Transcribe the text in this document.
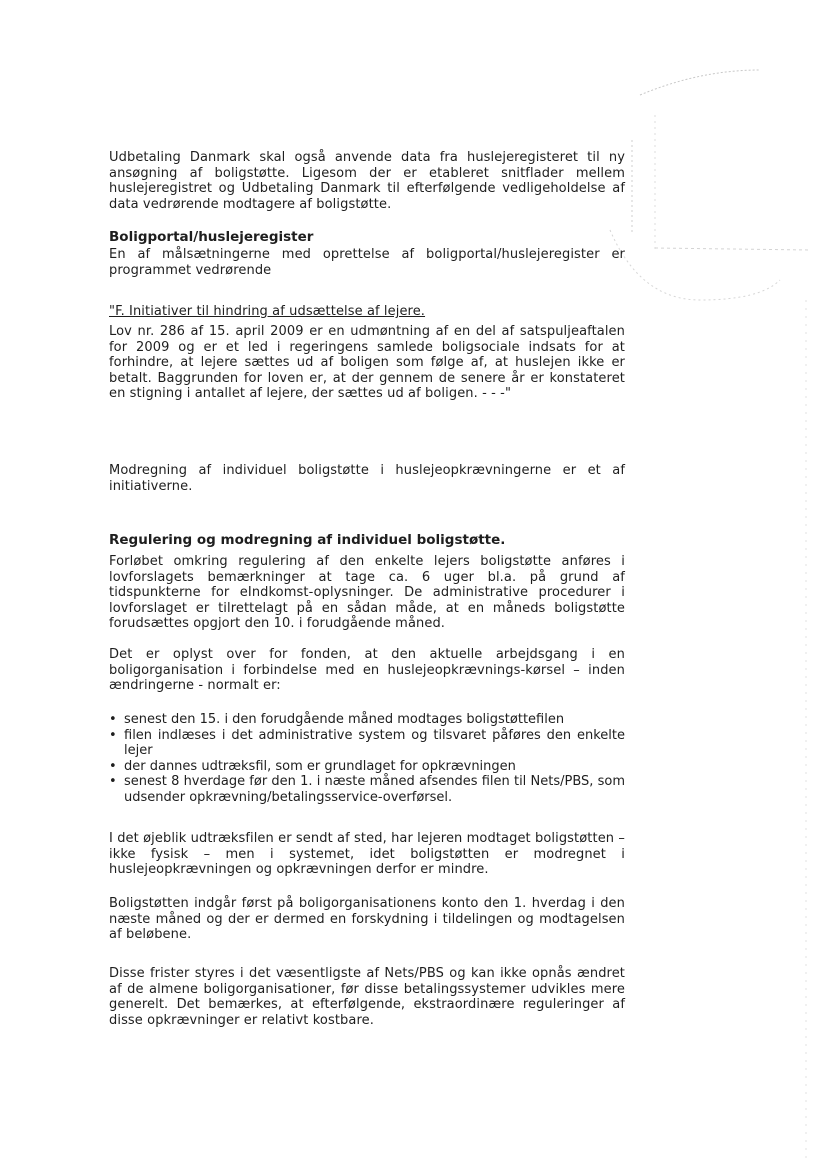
Udbetaling Danmark skal også anvende data fra huslejeregisteret til ny ansøgning af boligstøtte. Ligesom der er etableret snitflader mellem huslejeregistret og Udbetaling Danmark til efterfølgende vedligeholdelse af data vedrørende modtagere af boligstøtte.

Boligportal/huslejeregister

En af målsætningerne med oprettelse af boligportal/huslejeregister er programmet vedrørende

"F. Initiativer til hindring af udsættelse af lejere.

Lov nr. 286 af 15. april 2009 er en udmøntning af en del af satspuljeaftalen for 2009 og er et led i regeringens samlede boligsociale indsats for at forhindre, at lejere sættes ud af boligen som følge af, at huslejen ikke er betalt. Baggrunden for loven er, at der gennem de senere år er konstateret en stigning i antallet af lejere, der sættes ud af boligen. - - -"

Modregning af individuel boligstøtte i huslejeopkrævningerne er et af initiativerne.

Regulering og modregning af individuel boligstøtte.

Forløbet omkring regulering af den enkelte lejers boligstøtte anføres i lovforslagets bemærkninger at tage ca. 6 uger bl.a. på grund af tidspunkterne for eIndkomst-oplysninger. De administrative procedurer i lovforslaget er tilrettelagt på en sådan måde, at en måneds boligstøtte forudsættes opgjort den 10. i forudgående måned.

Det er oplyst over for fonden, at den aktuelle arbejdsgang i en boligorganisation i forbindelse med en huslejeopkrævnings-kørsel – inden ændringerne - normalt er:

• senest den 15. i den forudgående måned modtages boligstøttefilen
• filen indlæses i det administrative system og tilsvaret påføres den enkelte lejer
• der dannes udtræksfil, som er grundlaget for opkrævningen
• senest 8 hverdage før den 1. i næste måned afsendes filen til Nets/PBS, som udsender opkrævning/betalingsservice-overførsel.

I det øjeblik udtræksfilen er sendt af sted, har lejeren modtaget boligstøtten – ikke fysisk – men i systemet, idet boligstøtten er modregnet i huslejeopkrævningen og opkrævningen derfor er mindre.

Boligstøtten indgår først på boligorganisationens konto den 1. hverdag i den næste måned og der er dermed en forskydning i tildelingen og modtagelsen af beløbene.

Disse frister styres i det væsentligste af Nets/PBS og kan ikke opnås ændret af de almene boligorganisationer, før disse betalingssystemer udvikles mere generelt. Det bemærkes, at efterfølgende, ekstraordinære reguleringer af disse opkrævninger er relativt kostbare.
